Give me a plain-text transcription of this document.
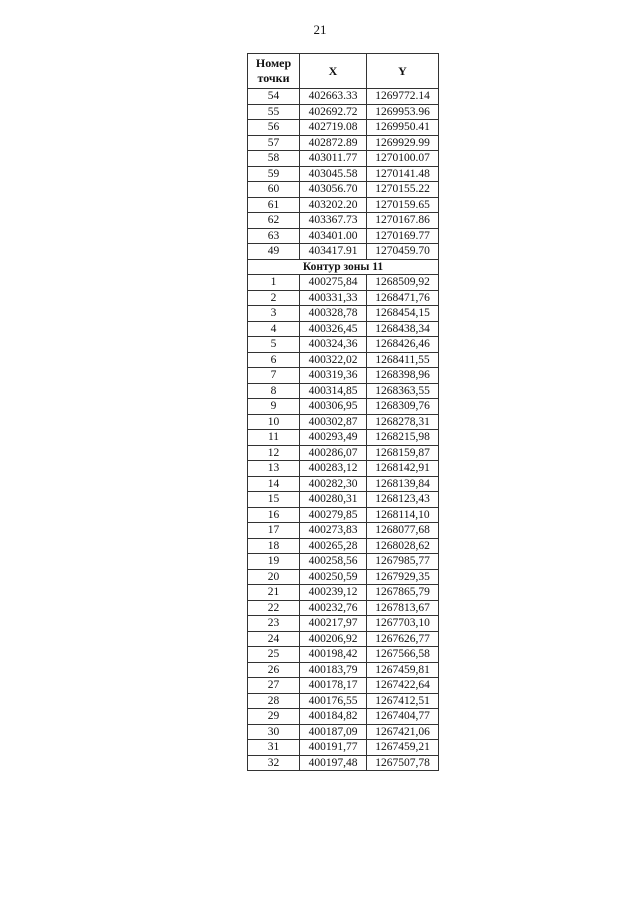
21
Номер
точки	X	Y
54	402663.33	1269772.14
55	402692.72	1269953.96
56	402719.08	1269950.41
57	402872.89	1269929.99
58	403011.77	1270100.07
59	403045.58	1270141.48
60	403056.70	1270155.22
61	403202.20	1270159.65
62	403367.73	1270167.86
63	403401.00	1270169.77
49	403417.91	1270459.70
Контур зоны 11		
1	400275,84	1268509,92
2	400331,33	1268471,76
3	400328,78	1268454,15
4	400326,45	1268438,34
5	400324,36	1268426,46
6	400322,02	1268411,55
7	400319,36	1268398,96
8	400314,85	1268363,55
9	400306,95	1268309,76
10	400302,87	1268278,31
11	400293,49	1268215,98
12	400286,07	1268159,87
13	400283,12	1268142,91
14	400282,30	1268139,84
15	400280,31	1268123,43
16	400279,85	1268114,10
17	400273,83	1268077,68
18	400265,28	1268028,62
19	400258,56	1267985,77
20	400250,59	1267929,35
21	400239,12	1267865,79
22	400232,76	1267813,67
23	400217,97	1267703,10
24	400206,92	1267626,77
25	400198,42	1267566,58
26	400183,79	1267459,81
27	400178,17	1267422,64
28	400176,55	1267412,51
29	400184,82	1267404,77
30	400187,09	1267421,06
31	400191,77	1267459,21
32	400197,48	1267507,78
